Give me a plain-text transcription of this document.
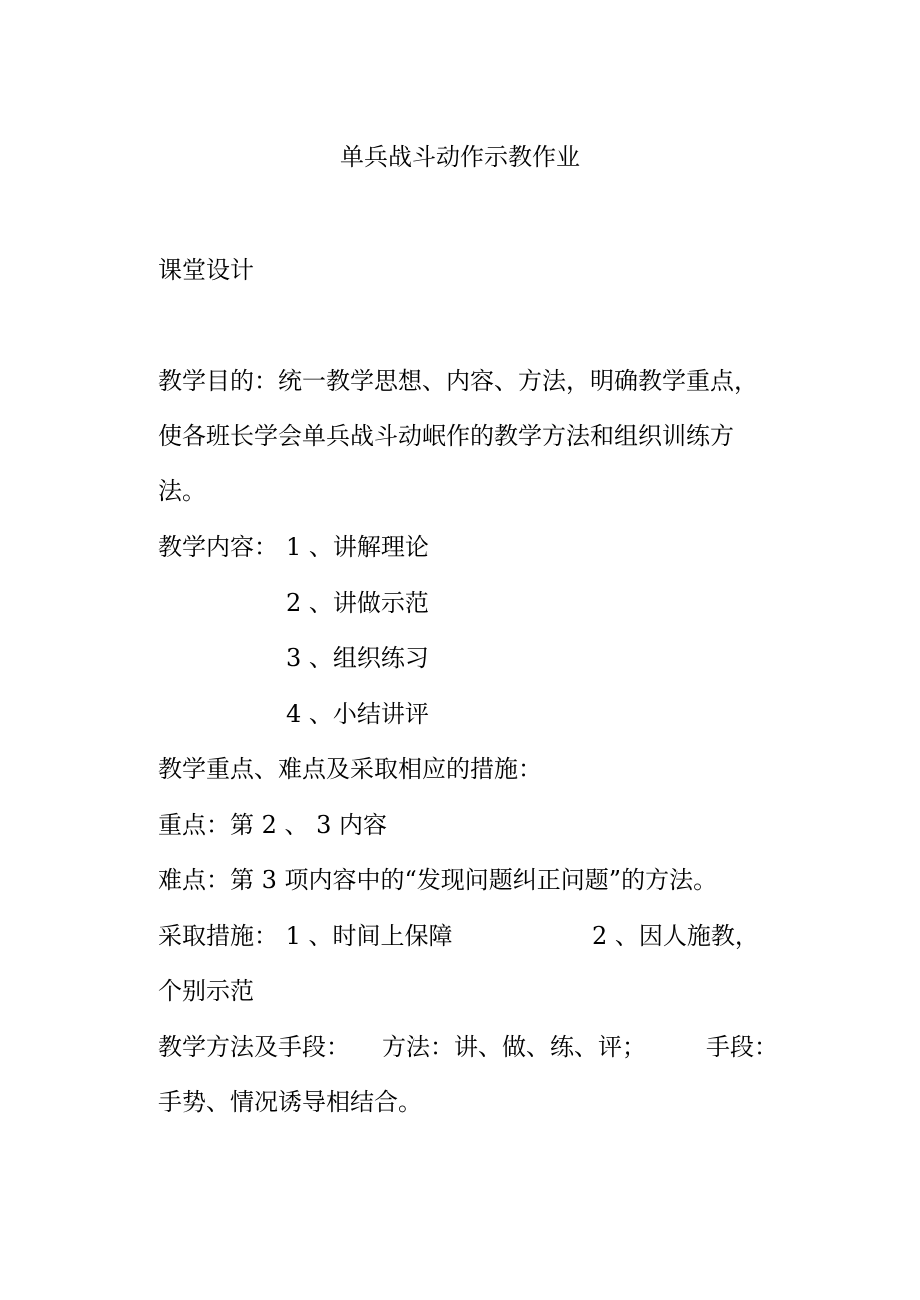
单兵战斗动作示教作业
课堂设计
教学目的：统一教学思想、内容、方法，明确教学重点，
使各班长学会单兵战斗动岷作的教学方法和组织训练方
法。
教学内容： 1 、讲解理论
2 、讲做示范
3 、组织练习
4 、小结讲评
教学重点、难点及采取相应的措施：
重点：第 2 、 3 内容
难点：第 3 项内容中的“发现问题纠正问题”的方法。
采取措施： 1 、时间上保障	2 、因人施教，
个别示范
教学方法及手段： 方法：讲、做、练、评；	手段：
手势、情况诱导相结合。
